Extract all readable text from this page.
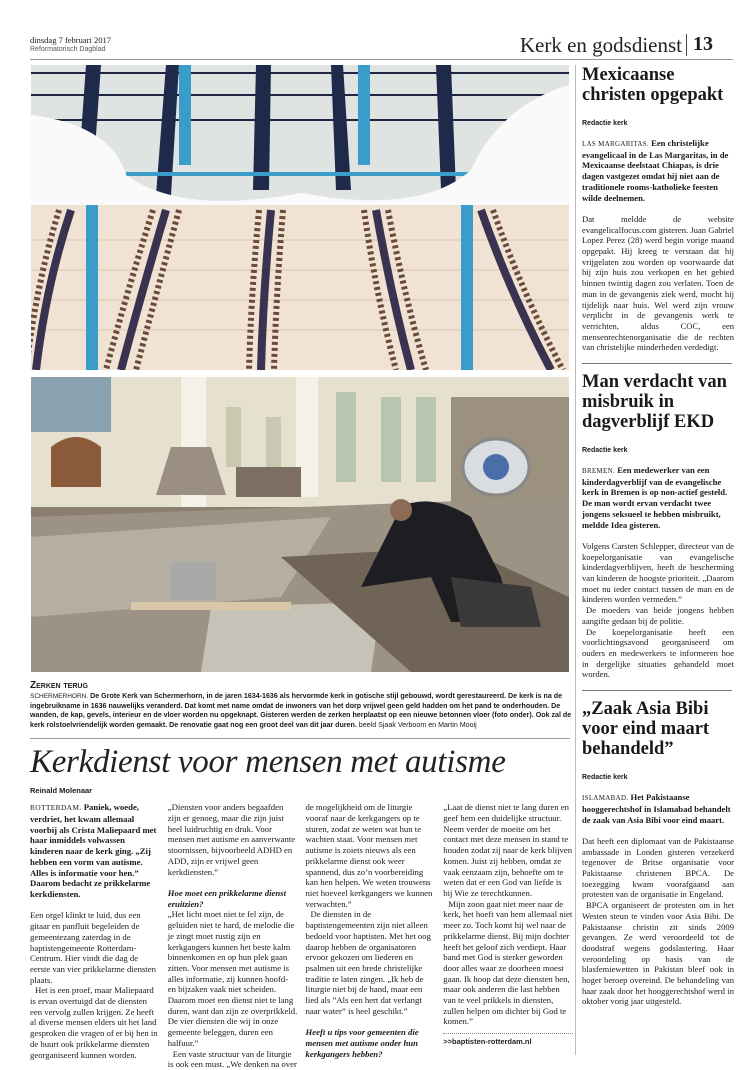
dinsdag 7 februari 2017
Reformatorisch Dagblad	Kerk en godsdienst 13
Zerken terug
SCHERMERHORN. De Grote Kerk van Schermerhorn, in de jaren 1634-1636 als hervormde kerk in gotische stijl gebouwd, wordt gerestaureerd. De kerk is na de ingebruikname in 1636 nauwelijks veranderd. Dat komt met name omdat de inwoners van het dorp vrijwel geen geld hadden om het pand te onderhouden. De wanden, de kap, gevels, interieur en de vloer worden nu opgeknapt. Gisteren werden de zerken herplaatst op een nieuwe betonnen vloer (foto onder). Ook zal de kerk rolstoelvriendelijk worden gemaakt. De renovatie gaat nog een groot deel van dit jaar duren. beeld Sjaak Verboom en Martin Mooij
Kerkdienst voor mensen met autisme
Reinald Molenaar

ROTTERDAM. Paniek, woede, verdriet, het kwam allemaal voorbij als Crista Maliepaard met haar inmiddels volwassen kinderen naar de kerk ging. „Zij hebben een vorm van autisme. Alles is informatie voor hen.” Daarom bedacht ze prikkelarme kerkdiensten.

Een orgel klinkt te luid, dus een gitaar en panfluit begeleiden de gemeentezang zaterdag in de baptistengemeente Rotterdam-Centrum. Hier vindt die dag de eerste van vier prikkelarme diensten plaats.

Het is een proef, maar Maliepaard is ervan overtuigd dat de diensten een vervolg zullen krijgen. Ze heeft al diverse mensen elders uit het land gesproken die vragen of er bij hen in de buurt ook prikkelarme diensten georganiseerd kunnen worden. „Diensten voor anders begaafden zijn er genoeg, maar die zijn juist heel luidruchtig en druk. Voor mensen met autisme en aanverwante stoornissen, bijvoorbeeld ADHD en ADD, zijn er vrijwel geen kerkdiensten.”

Hoe moet een prikkelarme dienst eruitzien?

„Het licht moet niet te fel zijn, de geluiden niet te hard, de melodie die je zingt moet rustig zijn en kerkgangers kunnen het beste kalm binnenkomen en op hun plek gaan zitten. Voor mensen met autisme is alles informatie, zij kunnen hoofd- en bijzaken vaak niet scheiden. Daarom moet een dienst niet te lang duren, want dan zijn ze overprikkeld. De vier diensten die wij in onze gemeente beleggen, duren een halfuur.”

Een vaste structuur van de liturgie is ook een must. „We denken na over de mogelijkheid om de liturgie vooraf naar de kerkgangers op te sturen, zodat ze weten wat hun te wachten staat. Voor mensen met autisme is zoiets nieuws als een prikkelarme dienst ook weer spannend, dus zo’n voorbereiding kan hen helpen. We weten trouwens niet hoeveel kerkgangers we kunnen verwachten.”

De diensten in de baptistengemeenten zijn niet alleen bedoeld voor baptisten. Met het oog daarop hebben de organisatoren ervoor gekozen om liederen en psalmen uit een brede christelijke traditie te laten zingen. „Ik heb de liturgie niet bij de hand, maar een lied als ”Als een hert dat verlangt naar water” is heel geschikt.”

Heeft u tips voor gemeenten die mensen met autisme onder hun kerkgangers hebben?

„Laat de dienst niet te lang duren en geef hem een duidelijke structuur. Neem verder de moeite om het contact met deze mensen in stand te houden zodat zij naar de kerk blijven komen. Juist zij hebben, omdat ze vaak eenzaam zijn, behoefte om te weten dat er een God van liefde is bij Wie ze terechtkunnen.

Mijn zoon gaat niet meer naar de kerk, het hoeft van hem allemaal niet meer zo. Toch komt hij wel naar de prikkelarme dienst. Bij mijn dochter heeft het geloof zich verdiept. Haar band met God is sterker geworden door alles waar ze doorheen moest gaan. Ik hoop dat deze diensten hen, maar ook anderen die last hebben van te veel prikkels in diensten, zullen helpen om dichter bij God te komen.”

>>baptisten-rotterdam.nl
Mexicaanse christen opgepakt
Redactie kerk
LAS MARGARITAS. Een christelijke evangelicaal in de Las Margaritas, in de Mexicaanse deelstaat Chiapas, is drie dagen vastgezet omdat hij niet aan de traditionele rooms-katholieke feesten wilde deelnemen.

Dat meldde de website evangelicalfocus.com gisteren. Juan Gabriel Lopez Perez (28) werd begin vorige maand opgepakt. Hij kreeg te verstaan dat hij vrijgelaten zou worden op voorwaarde dat hij zijn huis zou verkopen en het gebied binnen twintig dagen zou verlaten. Toen de man in de gevangenis ziek werd, mocht hij tijdelijk naar huis. Wel werd zijn vrouw verplicht in de gevangenis werk te verrichten, aldus COC, een mensenrechtenorganisatie die de rechten van christelijke minderheden verdedigt.

Man verdacht van misbruik in dagverblijf EKD
Redactie kerk
BREMEN. Een medewerker van een kinderdagverblijf van de evangelische kerk in Bremen is op non-actief gesteld. De man wordt ervan verdacht twee jongens seksueel te hebben misbruikt, meldde Idea gisteren.

Volgens Carsten Schlepper, directeur van de koepelorganisatie van evangelische kinderdagverblijven, heeft de bescherming van kinderen de hoogste prioriteit. „Daarom moet nu ieder contact tussen de man en de kinderen worden vermeden.”

De moeders van beide jongens hebben aangifte gedaan bij de politie.

De koepelorganisatie heeft een voorlichtingsavond georganiseerd om ouders en medewerkers te informeren hoe in dergelijke situaties gehandeld moet worden.

„Zaak Asia Bibi voor eind maart behandeld”
Redactie kerk
ISLAMABAD. Het Pakistaanse hooggerechtshof in Islamabad behandelt de zaak van Asia Bibi voor eind maart.

Dat heeft een diplomaat van de Pakistaanse ambassade in Londen gisteren verzekerd tegenover de Britse organisatie voor Pakistaanse christenen BPCA. De toezegging kwam voorafgaand aan protesten van de organisatie in Engeland.

BPCA organiseert de protesten om in het Westen steun te vinden voor Asia Bibi. De Pakistaanse christin zit sinds 2009 gevangen. Ze werd veroordeeld tot de doodstraf wegens godslastering. Haar veroordeling op basis van de blasfemiewetten in Pakistan bleef ook in hoger beroep overeind. De behandeling van haar zaak door het hooggerechtshof werd in oktober vorig jaar uitgesteld.
